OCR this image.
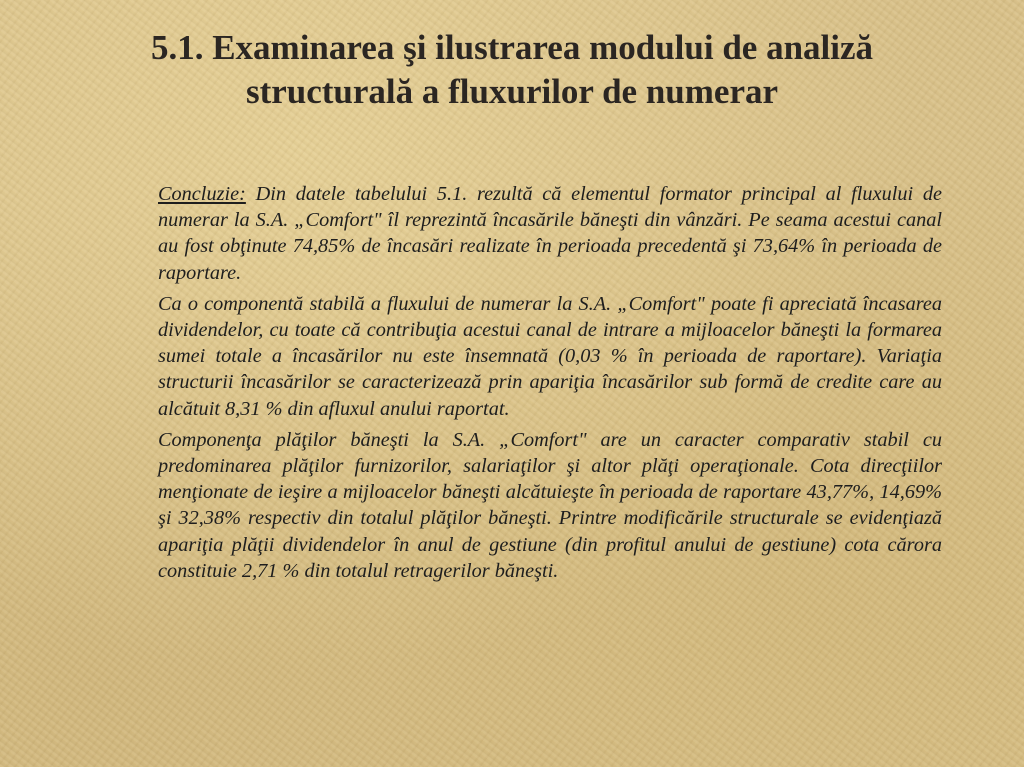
5.1. Examinarea şi ilustrarea modului de analiză
structurală a fluxurilor de numerar

Concluzie: Din datele tabelului 5.1. rezultă că elementul formator principal al fluxului de numerar la S.A. „Comfort" îl reprezintă încasările băneşti din vânzări. Pe seama acestui canal au fost obţinute 74,85% de încasări realizate în perioada precedentă şi 73,64% în perioada de raportare.

Ca o componentă stabilă a fluxului de numerar la S.A. „Comfort" poate fi apreciată încasarea dividendelor, cu toate că contribuţia acestui canal de intrare a mijloacelor băneşti la formarea sumei totale a încasărilor nu este însemnată (0,03 % în perioada de raportare). Variaţia structurii încasărilor se caracterizează prin apariţia încasărilor sub formă de credite care au alcătuit 8,31 % din afluxul anului raportat.

Componenţa plăţilor băneşti la S.A. „Comfort" are un caracter comparativ stabil cu predominarea plăţilor furnizorilor, salariaţilor şi altor plăţi operaţionale. Cota direcţiilor menţionate de ieşire a mijloacelor băneşti alcătuieşte în perioada de raportare 43,77%, 14,69% şi 32,38% respectiv din totalul plăţilor băneşti. Printre modificările structurale se evidenţiază apariţia plăţii dividendelor în anul de gestiune (din profitul anului de gestiune) cota cărora constituie 2,71 % din totalul retragerilor băneşti.
